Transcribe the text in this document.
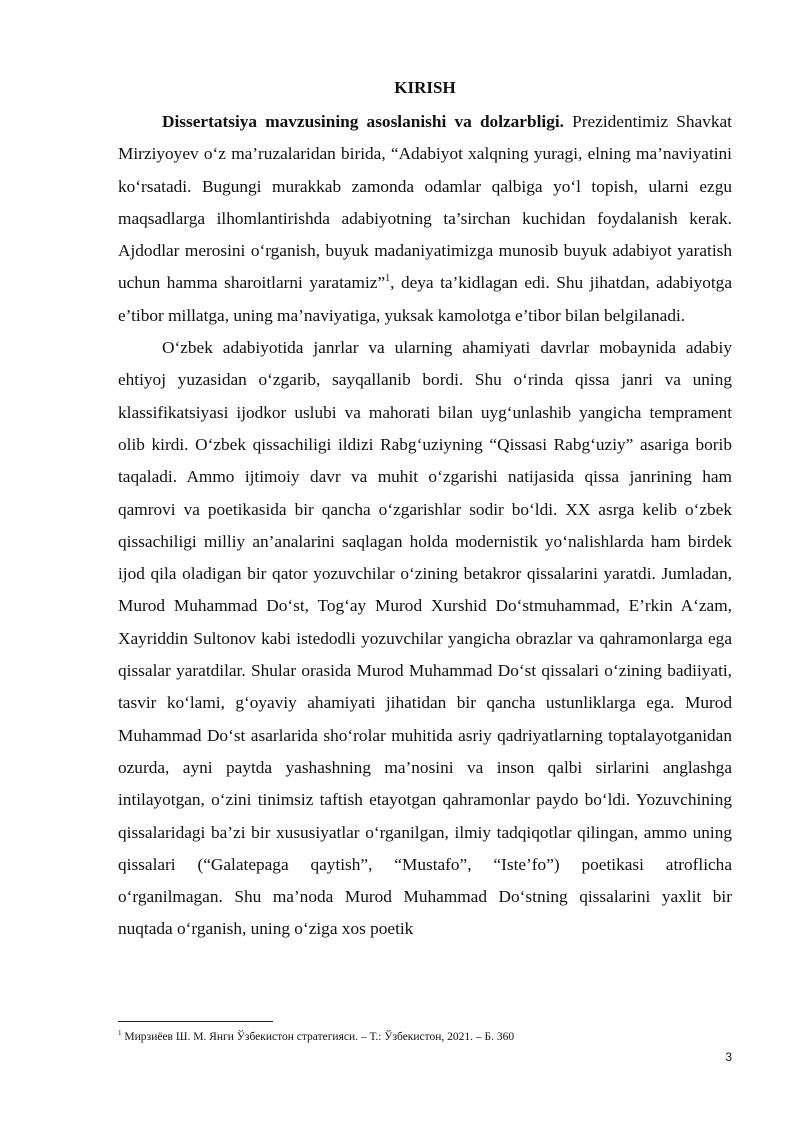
KIRISH

Dissertatsiya mavzusining asoslanishi va dolzarbligi. Prezidentimiz Shavkat Mirziyoyev o‘z ma’ruzalaridan birida, “Adabiyot xalqning yuragi, elning ma’naviyatini ko‘rsatadi. Bugungi murakkab zamonda odamlar qalbiga yo‘l topish, ularni ezgu maqsadlarga ilhomlantirishda adabiyotning ta’sirchan kuchidan foydalanish kerak. Ajdodlar merosini o‘rganish, buyuk madaniyatimizga munosib buyuk adabiyot yaratish uchun hamma sharoitlarni yaratamiz”$^1$, deya ta’kidlagan edi. Shu jihatdan, adabiyotga e’tibor millatga, uning ma’naviyatiga, yuksak kamolotga e’tibor bilan belgilanadi.

O‘zbek adabiyotida janrlar va ularning ahamiyati davrlar mobaynida adabiy ehtiyoj yuzasidan o‘zgarib, sayqallanib bordi. Shu o‘rinda qissa janri va uning klassifikatsiyasi ijodkor uslubi va mahorati bilan uyg‘unlashib yangicha temprament olib kirdi. O‘zbek qissachiligi ildizi Rabg‘uziyning “Qissasi Rabg‘uziy” asariga borib taqaladi. Ammo ijtimoiy davr va muhit o‘zgarishi natijasida qissa janrining ham qamrovi va poetikasida bir qancha o‘zgarishlar sodir bo‘ldi. XX asrga kelib o‘zbek qissachiligi milliy an’analarini saqlagan holda modernistik yo‘nalishlarda ham birdek ijod qila oladigan bir qator yozuvchilar o‘zining betakror qissalarini yaratdi. Jumladan, Murod Muhammad Do‘st, Tog‘ay Murod Xurshid Do‘stmuhammad, E’rkin A‘zam, Xayriddin Sultonov kabi istedodli yozuvchilar yangicha obrazlar va qahramonlarga ega qissalar yaratdilar. Shular orasida Murod Muhammad Do‘st qissalari o‘zining badiiyati, tasvir ko‘lami, g‘oyaviy ahamiyati jihatidan bir qancha ustunliklarga ega. Murod Muhammad Do‘st asarlarida sho‘rolar muhitida asriy qadriyatlarning toptalayotganidan ozurda, ayni paytda yashashning ma’nosini va inson qalbi sirlarini anglashga intilayotgan, o‘zini tinimsiz taftish etayotgan qahramonlar paydo bo‘ldi. Yozuvchining qissalaridagi ba’zi bir xususiyatlar o‘rganilgan, ilmiy tadqiqotlar qilingan, ammo uning qissalari (“Galatepaga qaytish”, “Mustafo”, “Iste’fo”) poetikasi atroflicha o‘rganilmagan. Shu ma’noda Murod Muhammad Do‘stning qissalarini yaxlit bir nuqtada o‘rganish, uning o‘ziga xos poetik

$^1$ Мирзиёев Ш. М. Янги Ўзбекистон стратегияси. – Т.: Ўзбекистон, 2021. – Б. 360
3
